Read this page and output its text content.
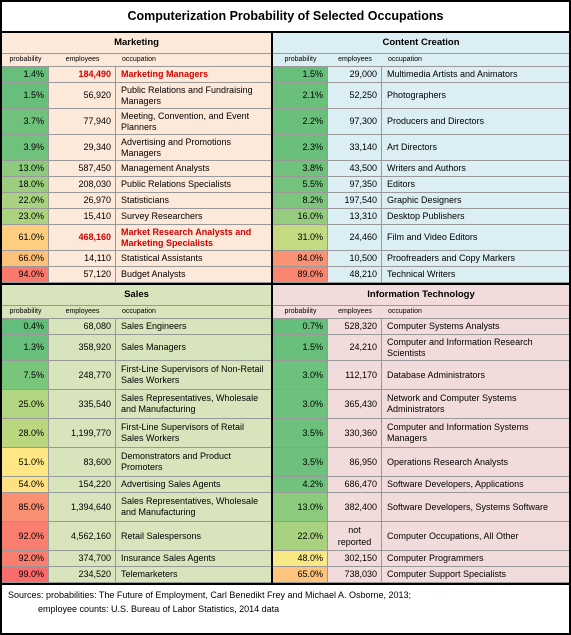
Computerization Probability of Selected Occupations
Marketing
probability	employees	occupation
1.4%	184,490	Marketing Managers
1.5%	56,920
Public Relations and Fundraising Managers
3.7%	77,940
Meeting, Convention, and Event Planners
3.9%	29,340
Advertising and Promotions Managers
13.0%	587,450	Management Analysts
18.0%	208,030	Public Relations Specialists
22.0%	26,970	Statisticians
23.0%	15,410	Survey Researchers
61.0%	468,160
Market Research Analysts and Marketing Specialists
66.0%	14,110	Statistical Assistants
94.0%	57,120	Budget Analysts
Content Creation
probability	employees	occupation
1.5%	29,000	Multimedia Artists and Animators
2.1%	52,250	Photographers
2.2%	97,300	Producers and Directors
2.3%	33,140	Art Directors
3.8%	43,500	Writers and Authors
5.5%	97,350	Editors
8.2%	197,540	Graphic Designers
16.0%	13,310	Desktop Publishers
31.0%	24,460	Film and Video Editors
84.0%	10,500	Proofreaders and Copy Markers
89.0%	48,210	Technical Writers
Sales
probability	employees	occupation
0.4%	68,080	Sales Engineers
1.3%	358,920	Sales Managers
7.5%	248,770
First-Line Supervisors of Non-Retail Sales Workers
25.0%	335,540
Sales Representatives, Wholesale and Manufacturing
28.0%	1,199,770
First-Line Supervisors of Retail Sales Workers
51.0%	83,600
Demonstrators and Product Promoters
54.0%	154,220	Advertising Sales Agents
85.0%	1,394,640
Sales Representatives, Wholesale and Manufacturing
92.0%	4,562,160	Retail Salespersons
92.0%	374,700	Insurance Sales Agents
99.0%	234,520	Telemarketers
Information Technology
probability	employees	occupation
0.7%	528,320	Computer Systems Analysts
1.5%	24,210
Computer and Information Research Scientists
3.0%	112,170	Database Administrators
3.0%	365,430
Network and Computer Systems Administrators
3.5%	330,360
Computer and Information Systems Managers
3.5%	86,950	Operations Research Analysts
4.2%	686,470	Software Developers, Applications
13.0%	382,400	Software Developers, Systems Software
22.0%
not
reported
Computer Occupations, All Other
48.0%	302,150	Computer Programmers
65.0%	738,030	Computer Support Specialists
Sources: probabilities: The Future of Employment, Carl Benedikt Frey and Michael A. Osborne, 2013;
employee counts: U.S. Bureau of Labor Statistics, 2014 data
